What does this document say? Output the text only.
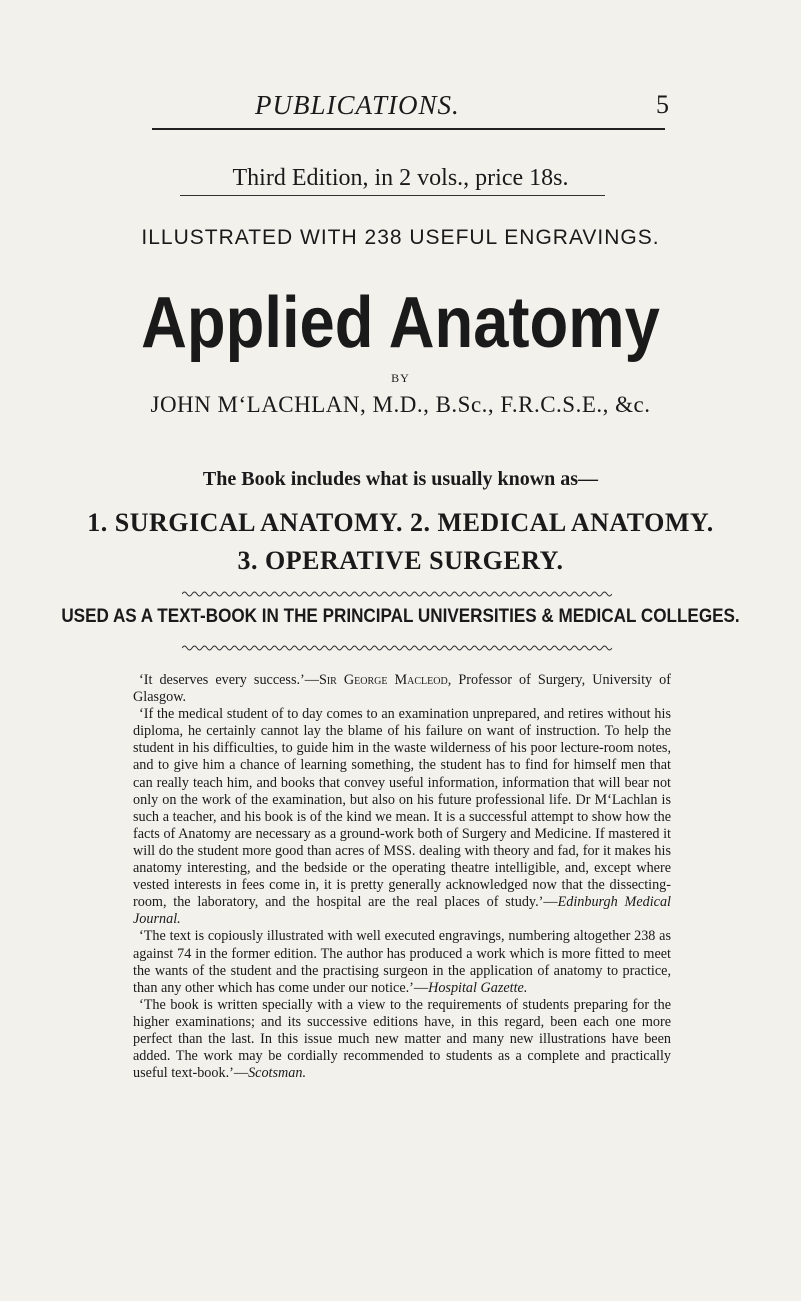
PUBLICATIONS.	5
Third Edition, in 2 vols., price 18s.
ILLUSTRATED WITH 238 USEFUL ENGRAVINGS.
Applied Anatomy
BY
JOHN M‘LACHLAN, M.D., B.Sc., F.R.C.S.E., &c.
The Book includes what is usually known as—
1. SURGICAL ANATOMY. 2. MEDICAL ANATOMY.
3. OPERATIVE SURGERY.
USED AS A TEXT-BOOK IN THE PRINCIPAL UNIVERSITIES & MEDICAL COLLEGES.

‘It deserves every success.’—Sir George Macleod, Professor of Surgery, University of Glasgow.

‘If the medical student of to day comes to an examination unprepared, and retires without his diploma, he certainly cannot lay the blame of his failure on want of instruction. To help the student in his difficulties, to guide him in the waste wilderness of his poor lecture-room notes, and to give him a chance of learning something, the student has to find for himself men that can really teach him, and books that convey useful information, information that will bear not only on the work of the examination, but also on his future professional life. Dr M‘Lachlan is such a teacher, and his book is of the kind we mean. It is a successful attempt to show how the facts of Anatomy are necessary as a ground-work both of Surgery and Medicine. If mastered it will do the student more good than acres of MSS. dealing with theory and fad, for it makes his anatomy interesting, and the bedside or the operating theatre intelligible, and, except where vested interests in fees come in, it is pretty generally acknowledged now that the dissecting-room, the laboratory, and the hospital are the real places of study.’—Edinburgh Medical Journal.

‘The text is copiously illustrated with well executed engravings, numbering altogether 238 as against 74 in the former edition. The author has produced a work which is more fitted to meet the wants of the student and the practising surgeon in the application of anatomy to practice, than any other which has come under our notice.’—Hospital Gazette.

‘The book is written specially with a view to the requirements of students preparing for the higher examinations; and its successive editions have, in this regard, been each one more perfect than the last. In this issue much new matter and many new illustrations have been added. The work may be cordially recommended to students as a complete and practically useful text-book.’—Scotsman.
